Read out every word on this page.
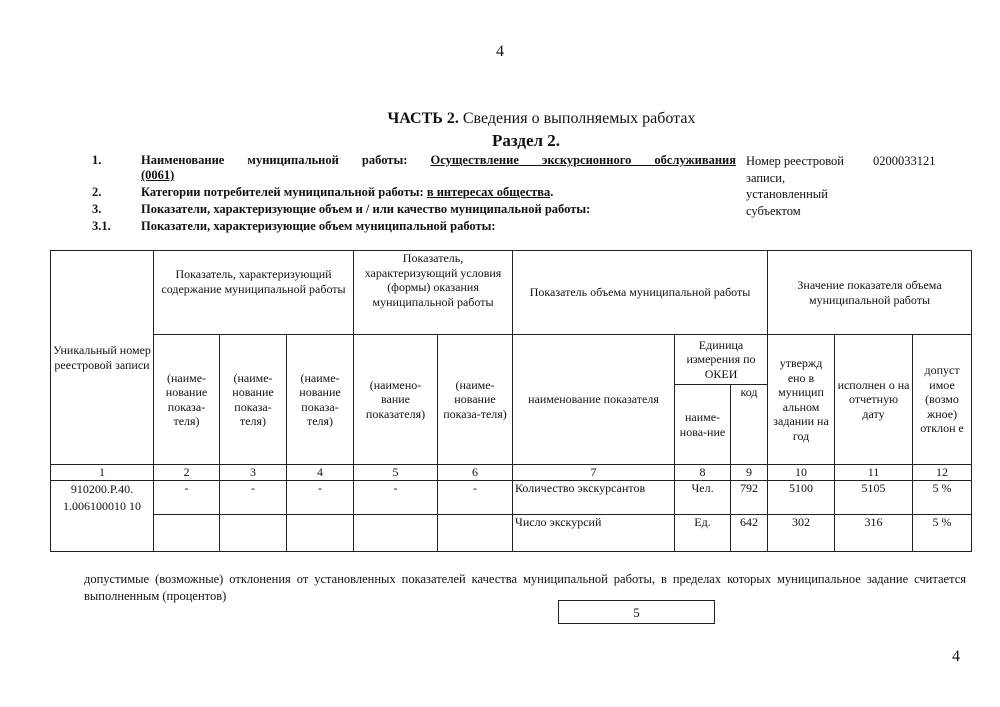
4
ЧАСТЬ 2. Сведения о выполняемых работах
Раздел 2.
1.	Наименование муниципальной работы: Осуществление экскурсионного обслуживания
(0061)
2.	Категории потребителей муниципальной работы: в интересах общества.
3.	Показатели, характеризующие объем и / или качество муниципальной работы:
3.1. Показатели, характеризующие объем муниципальной работы:
Номер реестровой
записи,
установленный
субъектом
0200033121
Уникальный номер реестровой записи	Показатель, характеризующий содержание муниципальной работы			Показатель, характеризующий условия (формы) оказания муниципальной работы		Показатель объема муниципальной работы			Значение показателя объема муниципальной работы		
	(наиме-нование показа-теля)	(наиме-нование показа-теля)	(наиме-нование показа-теля)	(наимено-вание показателя)	(наиме-нование показа-теля)	наименование показателя	Единица измерения по ОКЕИ		утвержд ено в муницип альном задании на год	исполнен о на отчетную дату	допуст имое (возмо жное) отклон е
							наиме-нова-ние	код			
1	2	3	4	5	6	7	8	9	10	11	12
910200.Р.40. 1.006100010 10	-	-	-	-	-	Количество экскурсантов	Чел.	792	5100	5105	5 %
						Число экскурсий	Ед.	642	302	316	5 %
допустимые (возможные) отклонения от установленных показателей качества муниципальной работы, в пределах которых муниципальное задание считается выполненным (процентов)
5
4
